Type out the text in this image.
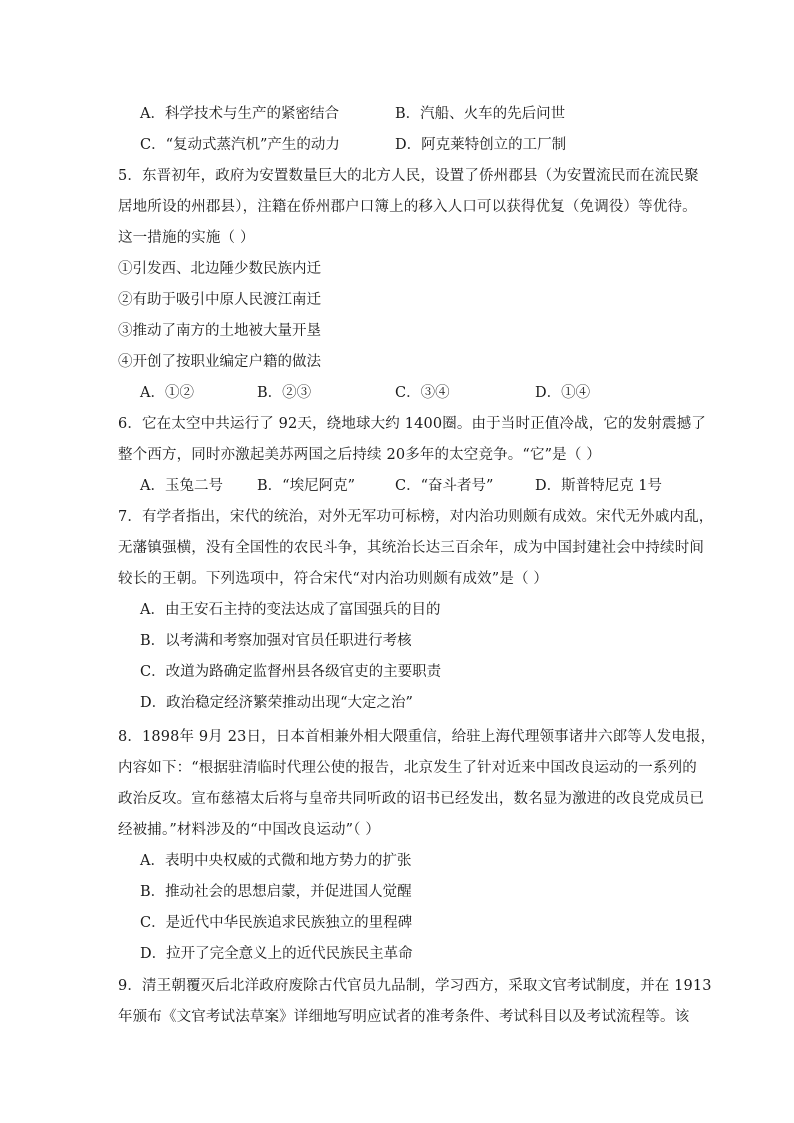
A．科学技术与生产的紧密结合	B．汽船、火车的先后问世
C．“复动式蒸汽机”产生的动力	D．阿克莱特创立的工厂制
5．东晋初年，政府为安置数量巨大的北方人民，设置了侨州郡县（为安置流民而在流民聚
居地所设的州郡县），注籍在侨州郡户口簿上的移入人口可以获得优复（免调役）等优待。
这一措施的实施（ ）
①引发西、北边陲少数民族内迁
②有助于吸引中原人民渡江南迁
③推动了南方的土地被大量开垦
④开创了按职业编定户籍的做法
A．①②	B．②③	C．③④	D．①④
6．它在太空中共运行了 92天，绕地球大约 1400圈。由于当时正值冷战，它的发射震撼了
整个西方，同时亦激起美苏两国之后持续 20多年的太空竞争。“它”是（ ）
A．玉兔二号 B．“埃尼阿克”	C．“奋斗者号”	D．斯普特尼克 1号
7．有学者指出，宋代的统治，对外无军功可标榜，对内治功则颇有成效。宋代无外戚内乱，
无藩镇强横，没有全国性的农民斗争，其统治长达三百余年，成为中国封建社会中持续时间
较长的王朝。下列选项中，符合宋代“对内治功则颇有成效”是（ ）
A．由王安石主持的变法达成了富国强兵的目的
B．以考满和考察加强对官员任职进行考核
C．改道为路确定监督州县各级官吏的主要职责
D．政治稳定经济繁荣推动出现“大定之治”
8．1898年 9月 23日，日本首相兼外相大隈重信，给驻上海代理领事诸井六郎等人发电报，
内容如下：“根据驻清临时代理公使的报告，北京发生了针对近来中国改良运动的一系列的
政治反攻。宣布慈禧太后将与皇帝共同听政的诏书已经发出，数名显为激进的改良党成员已
经被捕。”材料涉及的“中国改良运动”（ ）
A．表明中央权威的式微和地方势力的扩张
B．推动社会的思想启蒙，并促进国人觉醒
C．是近代中华民族追求民族独立的里程碑
D．拉开了完全意义上的近代民族民主革命
9．清王朝覆灭后北洋政府废除古代官员九品制，学习西方，采取文官考试制度，并在 1913
年颁布《文官考试法草案》详细地写明应试者的准考条件、考试科目以及考试流程等。该
